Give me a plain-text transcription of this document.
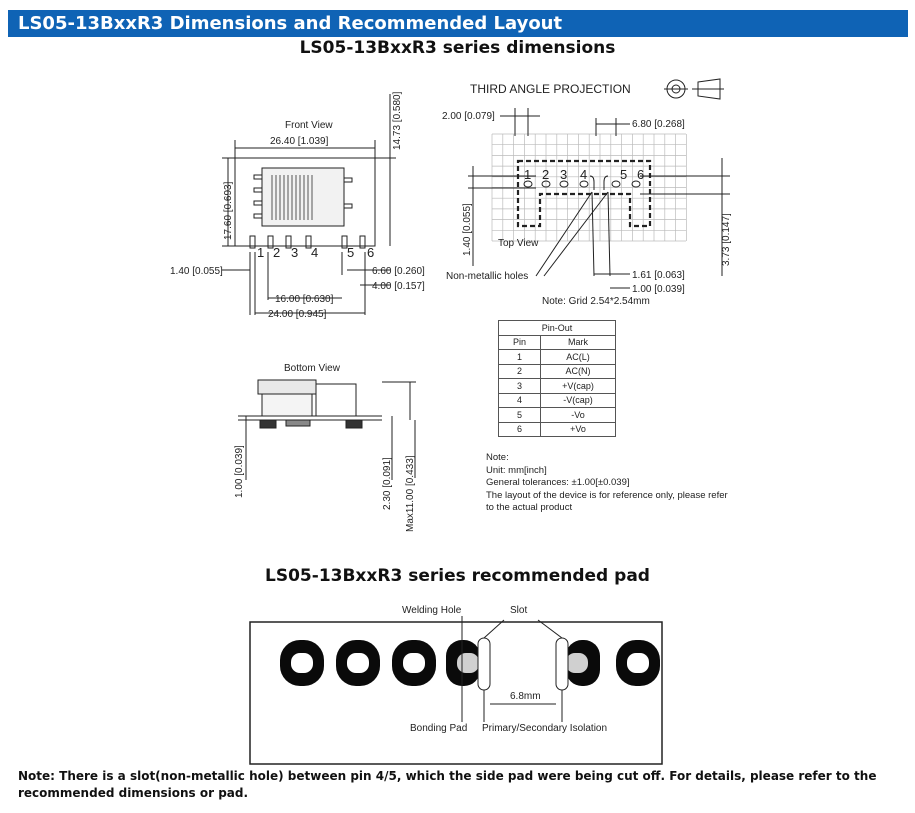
LS05-13BxxR3 Dimensions and Recommended Layout
LS05-13BxxR3 series dimensions
Front View
26.40 [1.039]	14.73 [0.580]
17.60 [0.693]
1 2 3 4 5 6
1.40 [0.055]	6.60 [0.260]
4.00 [0.157]
16.00 [0.630]
24.00 [0.945]
Bottom View
1.00 [0.039]	2.30 [0.091] Max11.00 [0.433]
THIRD ANGLE PROJECTION
2.00 [0.079]
6.80 [0.268]
1 2 3 4	5 6
Top View
1.40 [0.055]	3.73 [0.147]
1.61 [0.063]
1.00 [0.039]
Non-metallic holes
Note: Grid 2.54*2.54mm
Pin-Out	
Pin	Mark
1	AC(L)
2	AC(N)
3	+V(cap)
4	-V(cap)
5	-Vo
6	+Vo
Note:
Unit: mm[inch]
General tolerances: ±1.00[±0.039]
The layout of the device is for reference only, please refer to the actual product
LS05-13BxxR3 series recommended pad
Welding Hole	Slot
6.8mm
Bonding Pad Primary/Secondary Isolation
Note: There is a slot(non-metallic hole) between pin 4/5, which the side pad were being cut off. For details, please refer to the recommended dimensions or pad.
